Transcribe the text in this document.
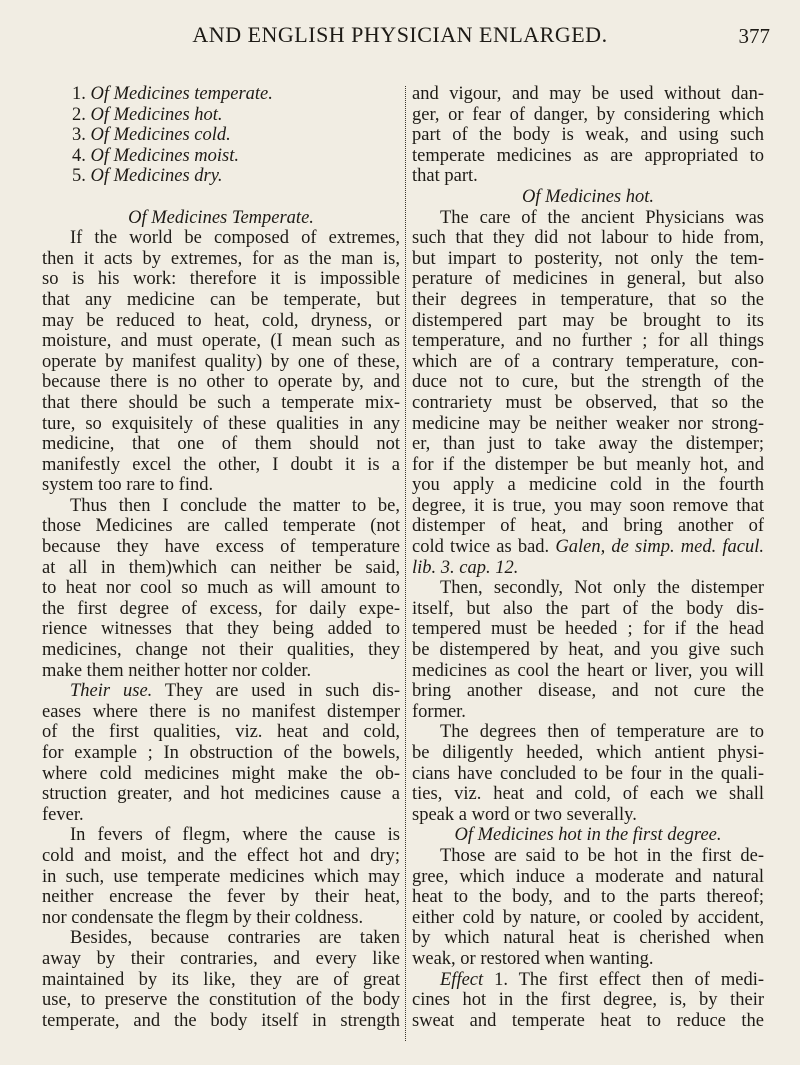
AND ENGLISH PHYSICIAN ENLARGED.	377
1. Of Medicines temperate.
2. Of Medicines hot.
3. Of Medicines cold.
4. Of Medicines moist.
5. Of Medicines dry.

Of Medicines Temperate.
If the world be composed of extremes,
then it acts by extremes, for as the man is,
so is his work: therefore it is impossible
that any medicine can be temperate, but
may be reduced to heat, cold, dryness, or
moisture, and must operate, (I mean such as
operate by manifest quality) by one of these,
because there is no other to operate by, and
that there should be such a temperate mix-
ture, so exquisitely of these qualities in any
medicine, that one of them should not
manifestly excel the other, I doubt it is a
system too rare to find.
Thus then I conclude the matter to be,
those Medicines are called temperate (not
because they have excess of temperature
at all in them)which can neither be said,
to heat nor cool so much as will amount to
the first degree of excess, for daily expe-
rience witnesses that they being added to
medicines, change not their qualities, they
make them neither hotter nor colder.
Their use. They are used in such dis-
eases where there is no manifest distemper
of the first qualities, viz. heat and cold,
for example ; In obstruction of the bowels,
where cold medicines might make the ob-
struction greater, and hot medicines cause a
fever.
In fevers of flegm, where the cause is
cold and moist, and the effect hot and dry;
in such, use temperate medicines which may
neither encrease the fever by their heat,
nor condensate the flegm by their coldness.
Besides, because contraries are taken
away by their contraries, and every like
maintained by its like, they are of great
use, to preserve the constitution of the body
temperate, and the body itself in strength
and vigour, and may be used without dan-
ger, or fear of danger, by considering which
part of the body is weak, and using such
temperate medicines as are appropriated to
that part.
Of Medicines hot.
The care of the ancient Physicians was
such that they did not labour to hide from,
but impart to posterity, not only the tem-
perature of medicines in general, but also
their degrees in temperature, that so the
distempered part may be brought to its
temperature, and no further ; for all things
which are of a contrary temperature, con-
duce not to cure, but the strength of the
contrariety must be observed, that so the
medicine may be neither weaker nor strong-
er, than just to take away the distemper;
for if the distemper be but meanly hot, and
you apply a medicine cold in the fourth
degree, it is true, you may soon remove that
distemper of heat, and bring another of
cold twice as bad. Galen, de simp. med. facul.
lib. 3. cap. 12.
Then, secondly, Not only the distemper
itself, but also the part of the body dis-
tempered must be heeded ; for if the head
be distempered by heat, and you give such
medicines as cool the heart or liver, you will
bring another disease, and not cure the
former.
The degrees then of temperature are to
be diligently heeded, which antient physi-
cians have concluded to be four in the quali-
ties, viz. heat and cold, of each we shall
speak a word or two severally.
Of Medicines hot in the first degree.
Those are said to be hot in the first de-
gree, which induce a moderate and natural
heat to the body, and to the parts thereof;
either cold by nature, or cooled by accident,
by which natural heat is cherished when
weak, or restored when wanting.
Effect 1. The first effect then of medi-
cines hot in the first degree, is, by their
sweat and temperate heat to reduce the
